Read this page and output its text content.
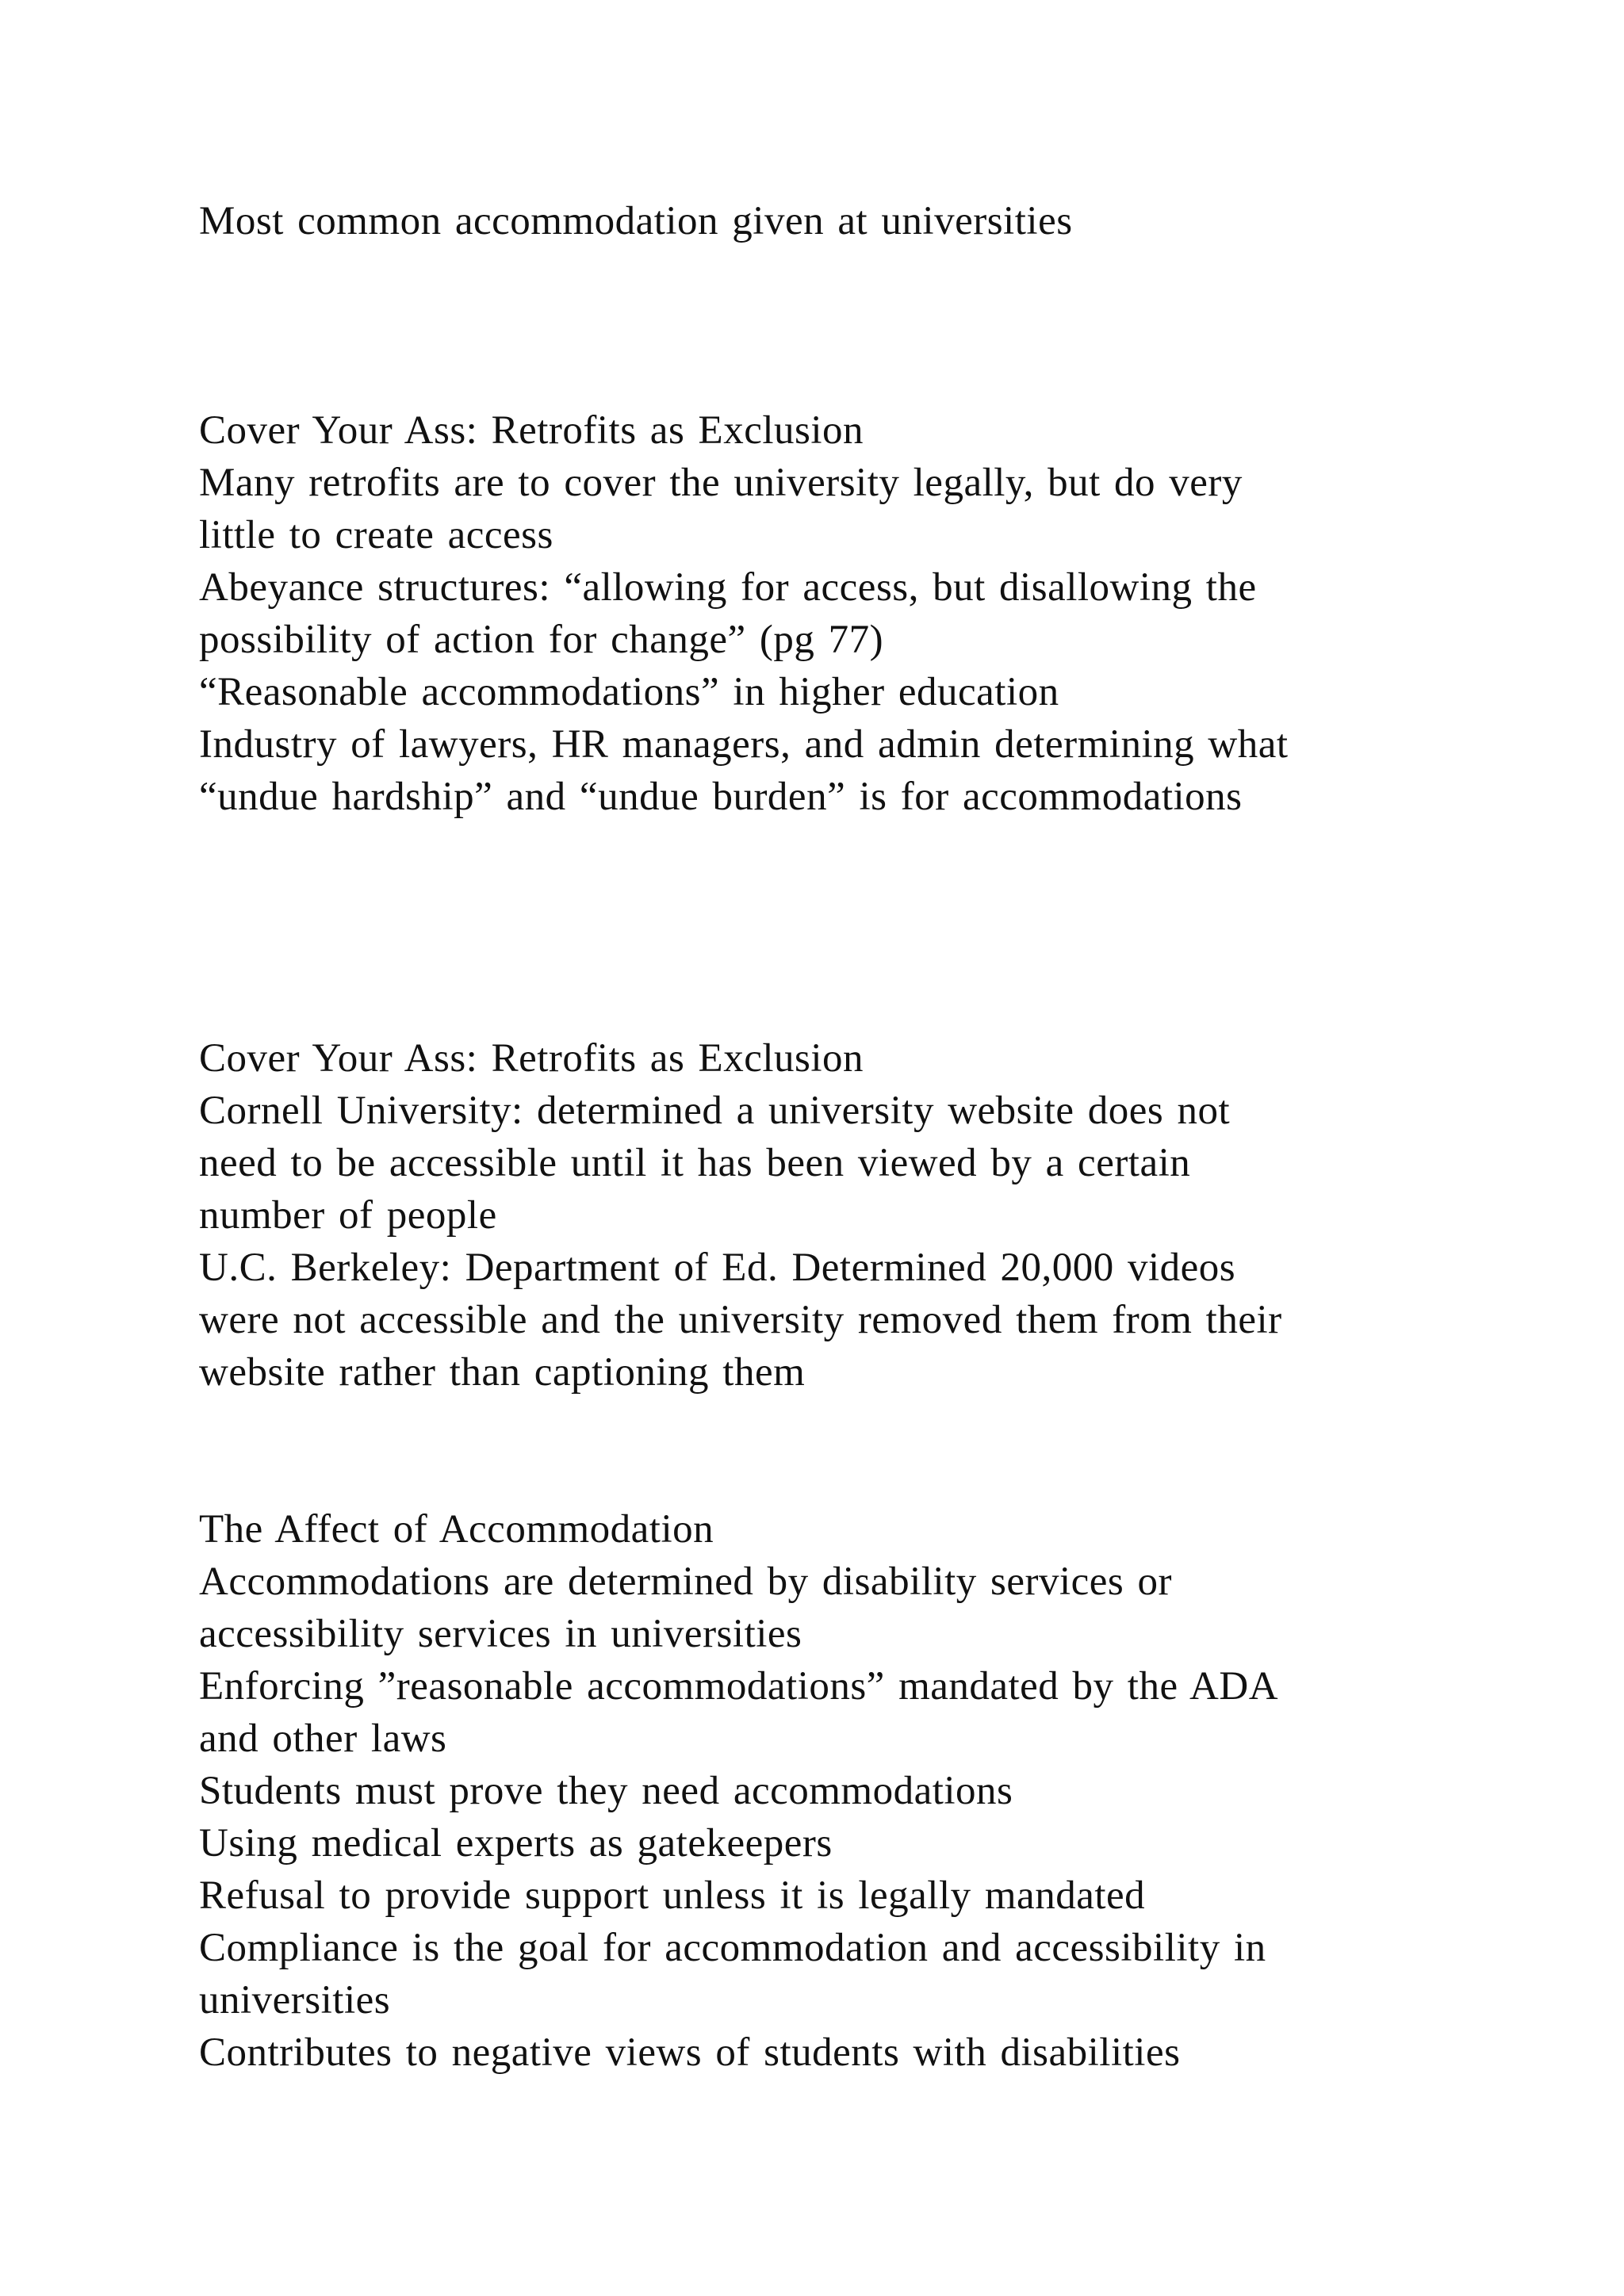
Most common accommodation given at universities
Cover Your Ass: Retrofits as Exclusion
Many retrofits are to cover the university legally, but do very
little to create access
Abeyance structures: “allowing for access, but disallowing the
possibility of action for change” (pg 77)
“Reasonable accommodations” in higher education
Industry of lawyers, HR managers, and admin determining what
“undue hardship” and “undue burden” is for accommodations
Cover Your Ass: Retrofits as Exclusion
Cornell University: determined a university website does not
need to be accessible until it has been viewed by a certain
number of people
U.C. Berkeley: Department of Ed. Determined 20,000 videos
were not accessible and the university removed them from their
website rather than captioning them
The Affect of Accommodation
Accommodations are determined by disability services or
accessibility services in universities
Enforcing ”reasonable accommodations” mandated by the ADA
and other laws
Students must prove they need accommodations
Using medical experts as gatekeepers
Refusal to provide support unless it is legally mandated
Compliance is the goal for accommodation and accessibility in
universities
Contributes to negative views of students with disabilities
